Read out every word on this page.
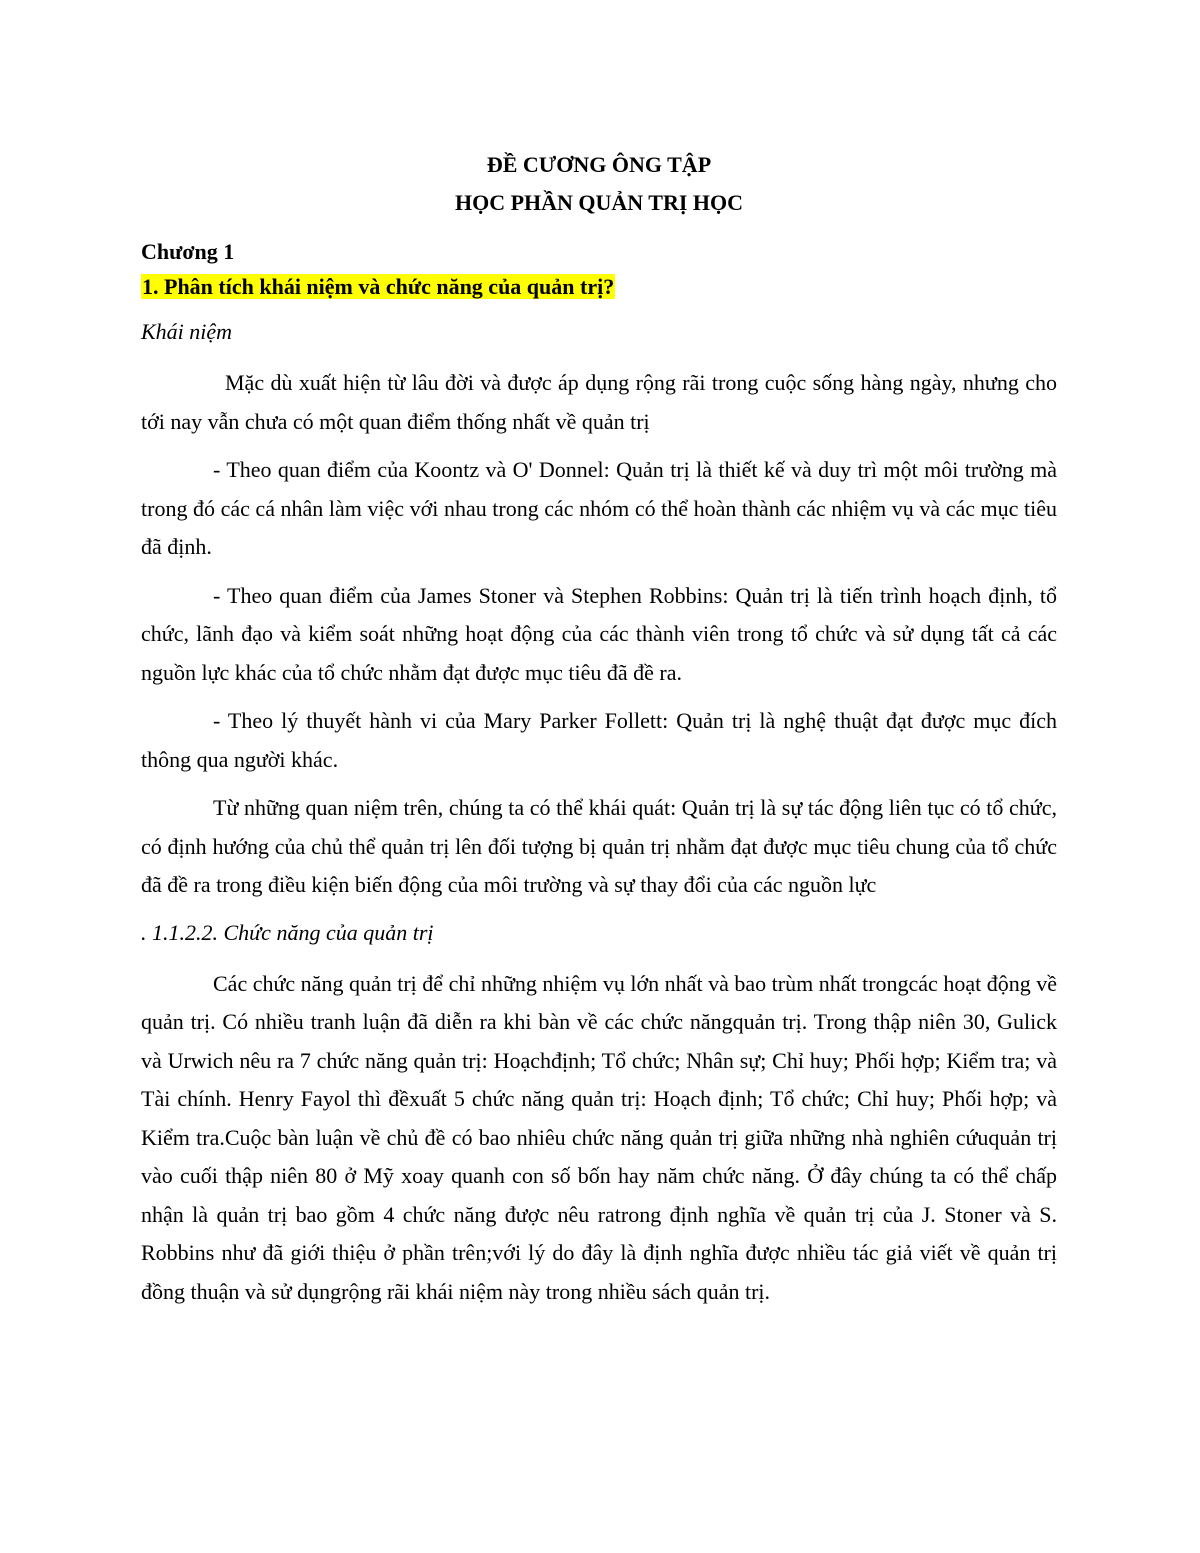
ĐỀ CƯƠNG ÔNG TẬP

HỌC PHẦN QUẢN TRỊ HỌC

Chương 1

1. Phân tích khái niệm và chức năng của quản trị?

Khái niệm

Mặc dù xuất hiện từ lâu đời và được áp dụng rộng rãi trong cuộc sống hàng ngày, nhưng cho tới nay vẫn chưa có một quan điểm thống nhất về quản trị

- Theo quan điểm của Koontz và O' Donnel: Quản trị là thiết kế và duy trì một môi trường mà trong đó các cá nhân làm việc với nhau trong các nhóm có thể hoàn thành các nhiệm vụ và các mục tiêu đã định.

- Theo quan điểm của James Stoner và Stephen Robbins: Quản trị là tiến trình hoạch định, tổ chức, lãnh đạo và kiểm soát những hoạt động của các thành viên trong tổ chức và sử dụng tất cả các nguồn lực khác của tổ chức nhằm đạt được mục tiêu đã đề ra.

- Theo lý thuyết hành vi của Mary Parker Follett: Quản trị là nghệ thuật đạt được mục đích thông qua người khác.

Từ những quan niệm trên, chúng ta có thể khái quát: Quản trị là sự tác động liên tục có tổ chức, có định hướng của chủ thể quản trị lên đối tượng bị quản trị nhằm đạt được mục tiêu chung của tổ chức đã đề ra trong điều kiện biến động của môi trường và sự thay đổi của các nguồn lực

. 1.1.2.2. Chức năng của quản trị

Các chức năng quản trị để chỉ những nhiệm vụ lớn nhất và bao trùm nhất trongcác hoạt động về quản trị. Có nhiều tranh luận đã diễn ra khi bàn về các chức năngquản trị. Trong thập niên 30, Gulick và Urwich nêu ra 7 chức năng quản trị: Hoạchđịnh; Tổ chức; Nhân sự; Chỉ huy; Phối hợp; Kiểm tra; và Tài chính. Henry Fayol thì đềxuất 5 chức năng quản trị: Hoạch định; Tổ chức; Chỉ huy; Phối hợp; và Kiểm tra.Cuộc bàn luận về chủ đề có bao nhiêu chức năng quản trị giữa những nhà nghiên cứuquản trị vào cuối thập niên 80 ở Mỹ xoay quanh con số bốn hay năm chức năng. Ở đây chúng ta có thể chấp nhận là quản trị bao gồm 4 chức năng được nêu ratrong định nghĩa về quản trị của J. Stoner và S. Robbins như đã giới thiệu ở phần trên;với lý do đây là định nghĩa được nhiều tác giả viết về quản trị đồng thuận và sử dụngrộng rãi khái niệm này trong nhiều sách quản trị.
